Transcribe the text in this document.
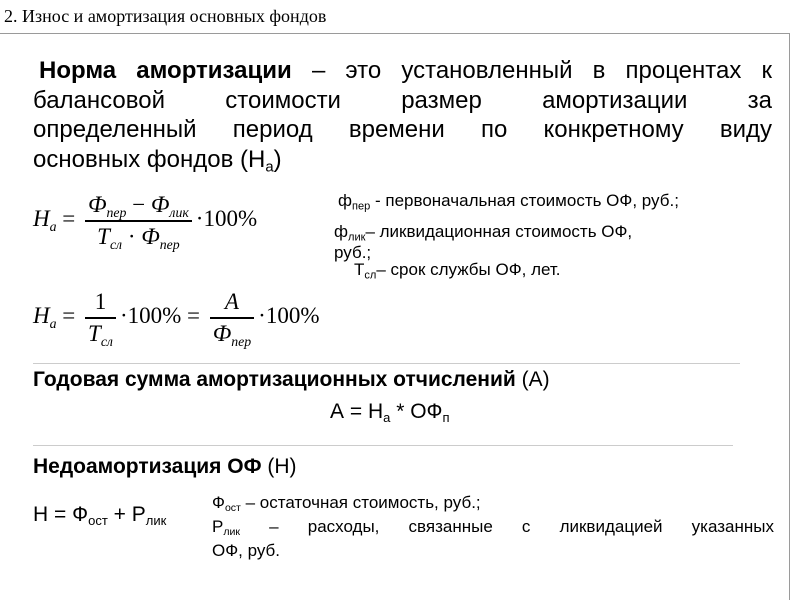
2. Износ и амортизация основных фондов
Норма амортизации – это установленный в процентах к
балансовой стоимости размер амортизации за
определенный период времени по конкретному виду
основных фондов $(Н_а)$
$Н_а = \frac{Ф_{пер} - Ф_{лик}}{Т_{сл} \cdot Ф_{пер}} \cdot 100\%$
$Н_а = \frac{1}{Т_{сл}} \cdot 100\% = \frac{А}{Ф_{пер}} \cdot 100\%$
$ф_{пер}$ - первоначальная стоимость ОФ, руб.;
$ф_{лик}-$ ликвидационная стоимость ОФ,
руб.;
$Т_{сл}-$ срок службы ОФ, лет.
Годовая сумма амортизационных отчислений (А)
$А = Н_а * ОФ_п$
Недоамортизация ОФ (Н)
$Н = Ф_{ост} + Р_{лик}$
$Ф_{ост}$ – остаточная стоимость, руб.;
$Р_{лик}$ – расходы, связанные с ликвидацией указанных
ОФ, руб.
